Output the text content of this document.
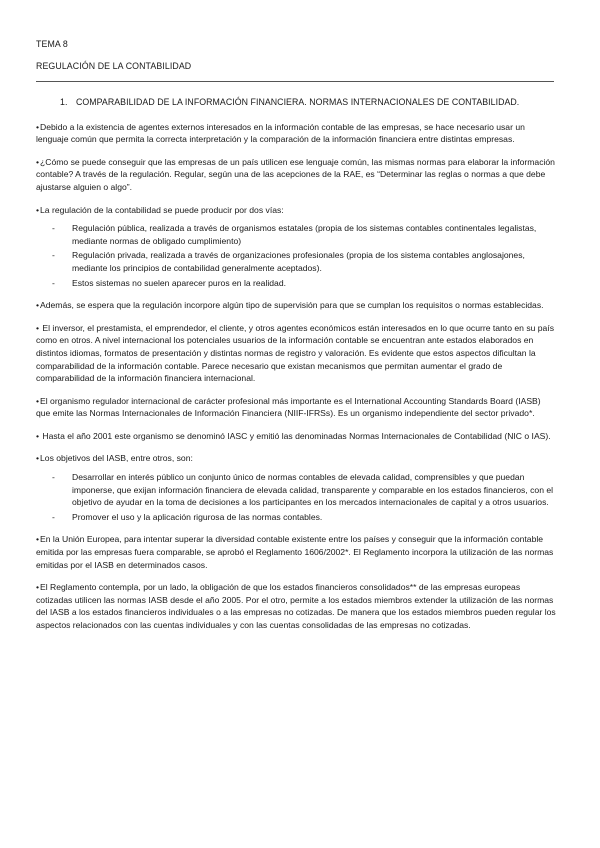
TEMA 8
REGULACIÓN DE LA CONTABILIDAD
1. COMPARABILIDAD DE LA INFORMACIÓN FINANCIERA. NORMAS INTERNACIONALES DE CONTABILIDAD.

•Debido a la existencia de agentes externos interesados en la información contable de las empresas, se hace necesario usar un lenguaje común que permita la correcta interpretación y la comparación de la información financiera entre distintas empresas.

•¿Cómo se puede conseguir que las empresas de un país utilicen ese lenguaje común, las mismas normas para elaborar la información contable? A través de la regulación. Regular, según una de las acepciones de la RAE, es “Determinar las reglas o normas a que debe ajustarse alguien o algo”.

•La regulación de la contabilidad se puede producir por dos vías:

-	Regulación pública, realizada a través de organismos estatales (propia de los sistemas contables continentales legalistas, mediante normas de obligado cumplimiento)
-	Regulación privada, realizada a través de organizaciones profesionales (propia de los sistema contables anglosajones, mediante los principios de contabilidad generalmente aceptados).
-	Estos sistemas no suelen aparecer puros en la realidad.

•Además, se espera que la regulación incorpore algún tipo de supervisión para que se cumplan los requisitos o normas establecidas.

• El inversor, el prestamista, el emprendedor, el cliente, y otros agentes económicos están interesados en lo que ocurre tanto en su país como en otros. A nivel internacional los potenciales usuarios de la información contable se encuentran ante estados elaborados en distintos idiomas, formatos de presentación y distintas normas de registro y valoración. Es evidente que estos aspectos dificultan la comparabilidad de la información contable. Parece necesario que existan mecanismos que permitan aumentar el grado de comparabilidad de la información financiera internacional.

•El organismo regulador internacional de carácter profesional más importante es el International Accounting Standards Board (IASB) que emite las Normas Internacionales de Información Financiera (NIIF-IFRSs). Es un organismo independiente del sector privado*.

• Hasta el año 2001 este organismo se denominó IASC y emitió las denominadas Normas Internacionales de Contabilidad (NIC o IAS).

•Los objetivos del IASB, entre otros, son:

-	Desarrollar en interés público un conjunto único de normas contables de elevada calidad, comprensibles y que puedan imponerse, que exijan información financiera de elevada calidad, transparente y comparable en los estados financieros, con el objetivo de ayudar en la toma de decisiones a los participantes en los mercados internacionales de capital y a otros usuarios.
-	Promover el uso y la aplicación rigurosa de las normas contables.

•En la Unión Europea, para intentar superar la diversidad contable existente entre los países y conseguir que la información contable emitida por las empresas fuera comparable, se aprobó el Reglamento 1606/2002*. El Reglamento incorpora la utilización de las normas emitidas por el IASB en determinados casos.

•El Reglamento contempla, por un lado, la obligación de que los estados financieros consolidados** de las empresas europeas cotizadas utilicen las normas IASB desde el año 2005. Por el otro, permite a los estados miembros extender la utilización de las normas del IASB a los estados financieros individuales o a las empresas no cotizadas. De manera que los estados miembros pueden regular los aspectos relacionados con las cuentas individuales y con las cuentas consolidadas de las empresas no cotizadas.
